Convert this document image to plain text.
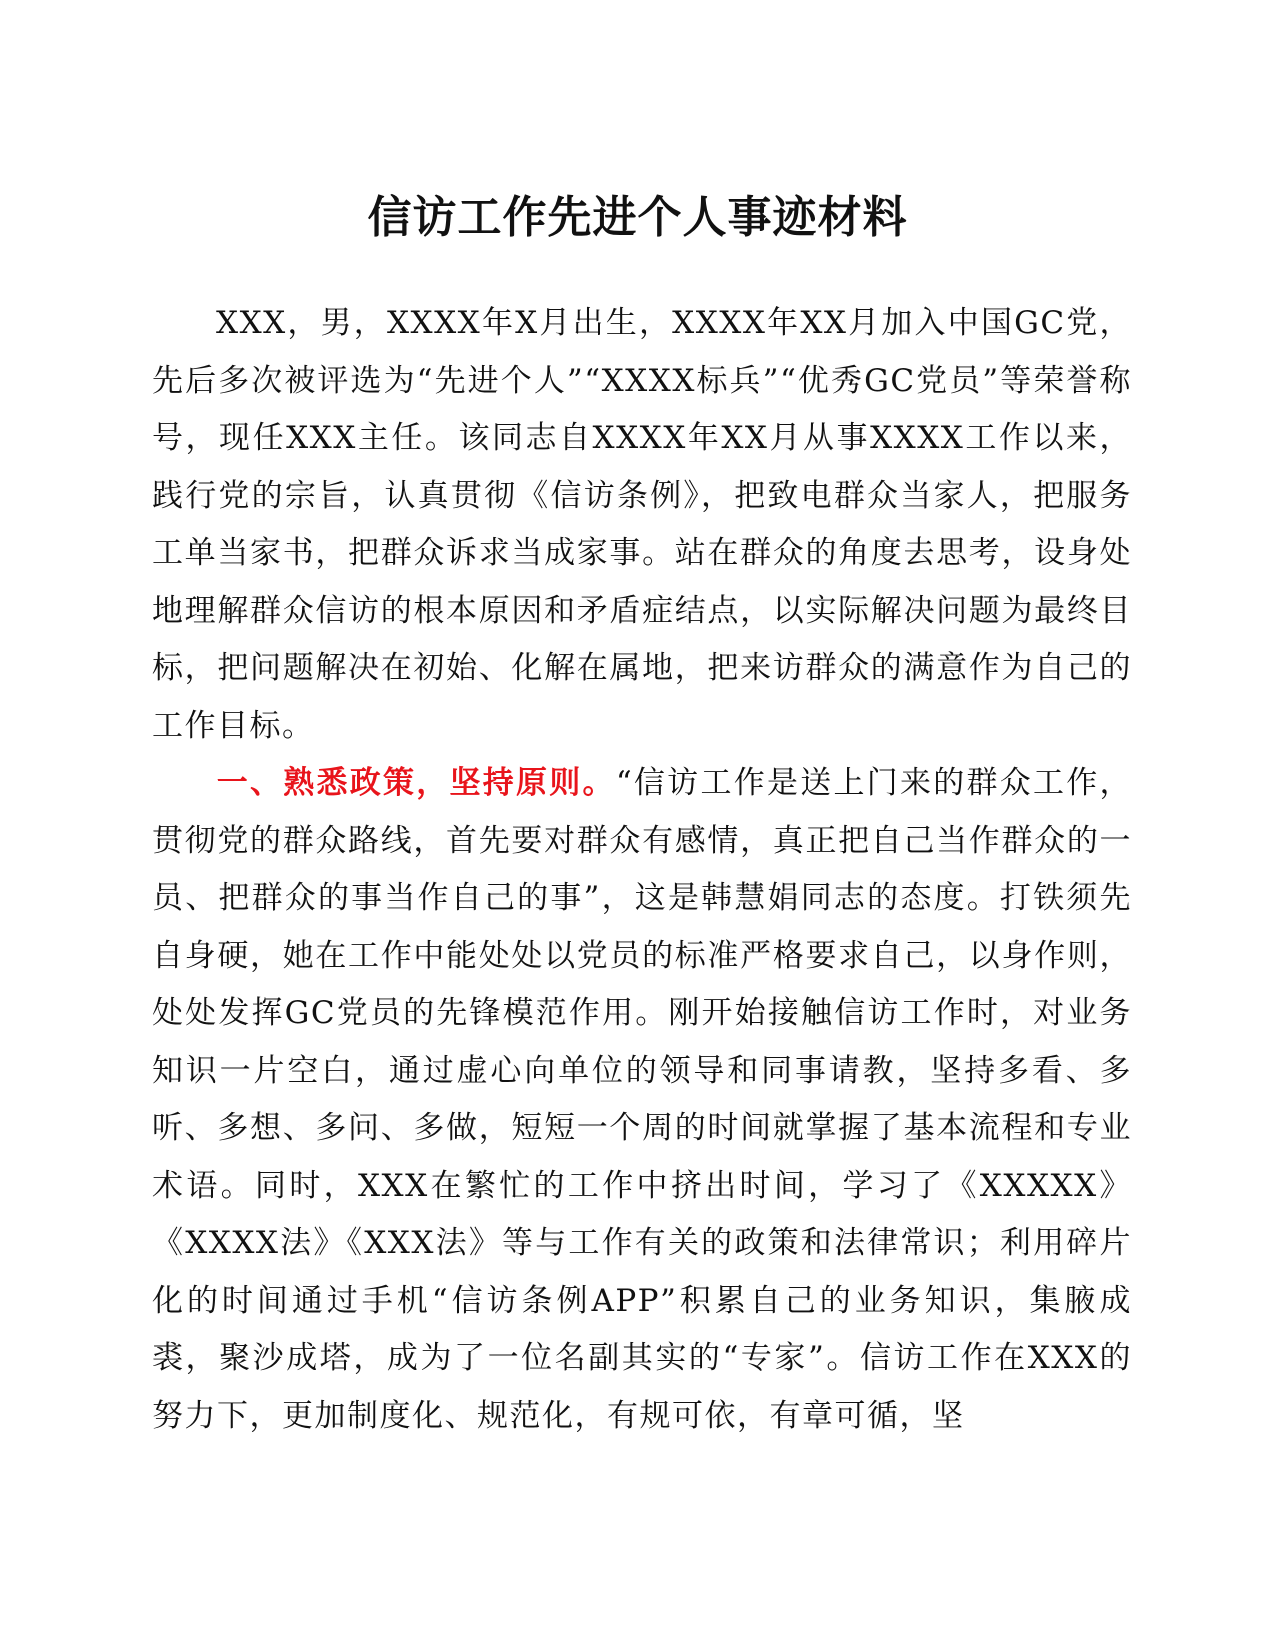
信访工作先进个人事迹材料

XXX，男，XXXX年X月出生，XXXX年XX月加入中国GC党，先后多次被评选为“先进个人”“XXXX标兵”“优秀GC党员”等荣誉称号，现任XXX主任。该同志自XXXX年XX月从事XXXX工作以来，践行党的宗旨，认真贯彻《信访条例》，把致电群众当家人，把服务工单当家书，把群众诉求当成家事。站在群众的角度去思考，设身处地理解群众信访的根本原因和矛盾症结点，以实际解决问题为最终目标，把问题解决在初始、化解在属地，把来访群众的满意作为自己的工作目标。

一、熟悉政策，坚持原则。“信访工作是送上门来的群众工作，贯彻党的群众路线，首先要对群众有感情，真正把自己当作群众的一员、把群众的事当作自己的事”，这是韩慧娟同志的态度。打铁须先自身硬，她在工作中能处处以党员的标准严格要求自己，以身作则，处处发挥GC党员的先锋模范作用。刚开始接触信访工作时，对业务知识一片空白，通过虚心向单位的领导和同事请教，坚持多看、多听、多想、多问、多做，短短一个周的时间就掌握了基本流程和专业术语。同时，XXX在繁忙的工作中挤出时间，学习了《XXXXX》《XXXX法》《XXX法》等与工作有关的政策和法律常识；利用碎片化的时间通过手机“信访条例APP”积累自己的业务知识，集腋成裘，聚沙成塔，成为了一位名副其实的“专家”。信访工作在XXX的努力下，更加制度化、规范化，有规可依，有章可循，坚
